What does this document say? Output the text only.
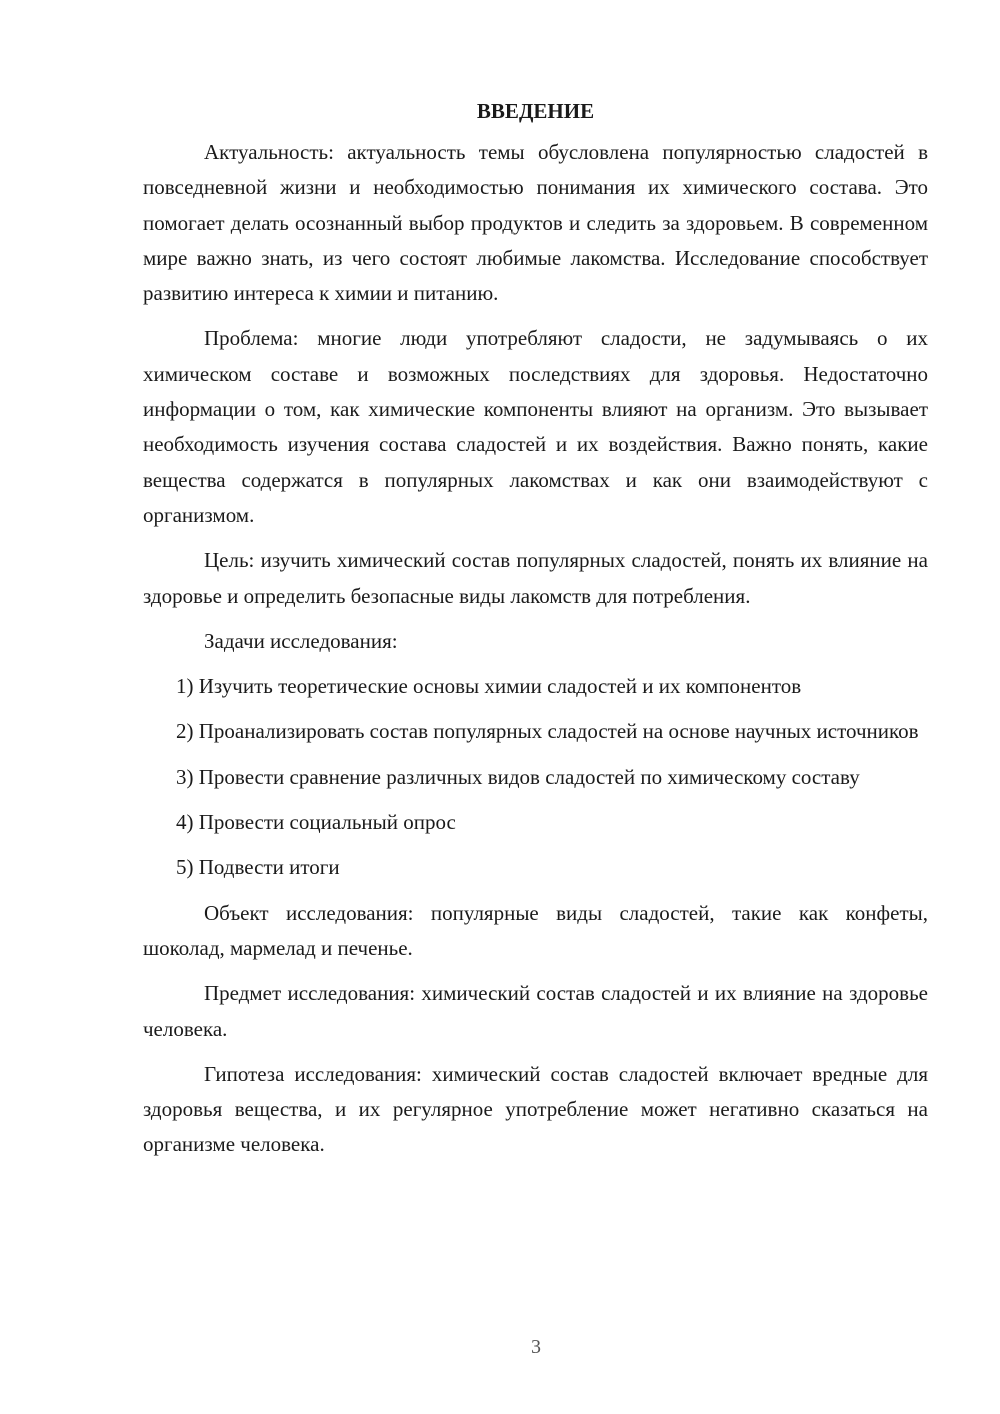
ВВЕДЕНИЕ

Актуальность: актуальность темы обусловлена популярностью сладостей в повседневной жизни и необходимостью понимания их химического состава. Это помогает делать осознанный выбор продуктов и следить за здоровьем. В современном мире важно знать, из чего состоят любимые лакомства. Исследование способствует развитию интереса к химии и питанию.

Проблема: многие люди употребляют сладости, не задумываясь о их химическом составе и возможных последствиях для здоровья. Недостаточно информации о том, как химические компоненты влияют на организм. Это вызывает необходимость изучения состава сладостей и их воздействия. Важно понять, какие вещества содержатся в популярных лакомствах и как они взаимодействуют с организмом.

Цель: изучить химический состав популярных сладостей, понять их влияние на здоровье и определить безопасные виды лакомств для потребления.

Задачи исследования:

1) Изучить теоретические основы химии сладостей и их компонентов

2) Проанализировать состав популярных сладостей на основе научных источников

3) Провести сравнение различных видов сладостей по химическому составу

4) Провести социальный опрос

5) Подвести итоги

Объект исследования: популярные виды сладостей, такие как конфеты, шоколад, мармелад и печенье.

Предмет исследования: химический состав сладостей и их влияние на здоровье человека.

Гипотеза исследования: химический состав сладостей включает вредные для здоровья вещества, и их регулярное употребление может негативно сказаться на организме человека.

3
